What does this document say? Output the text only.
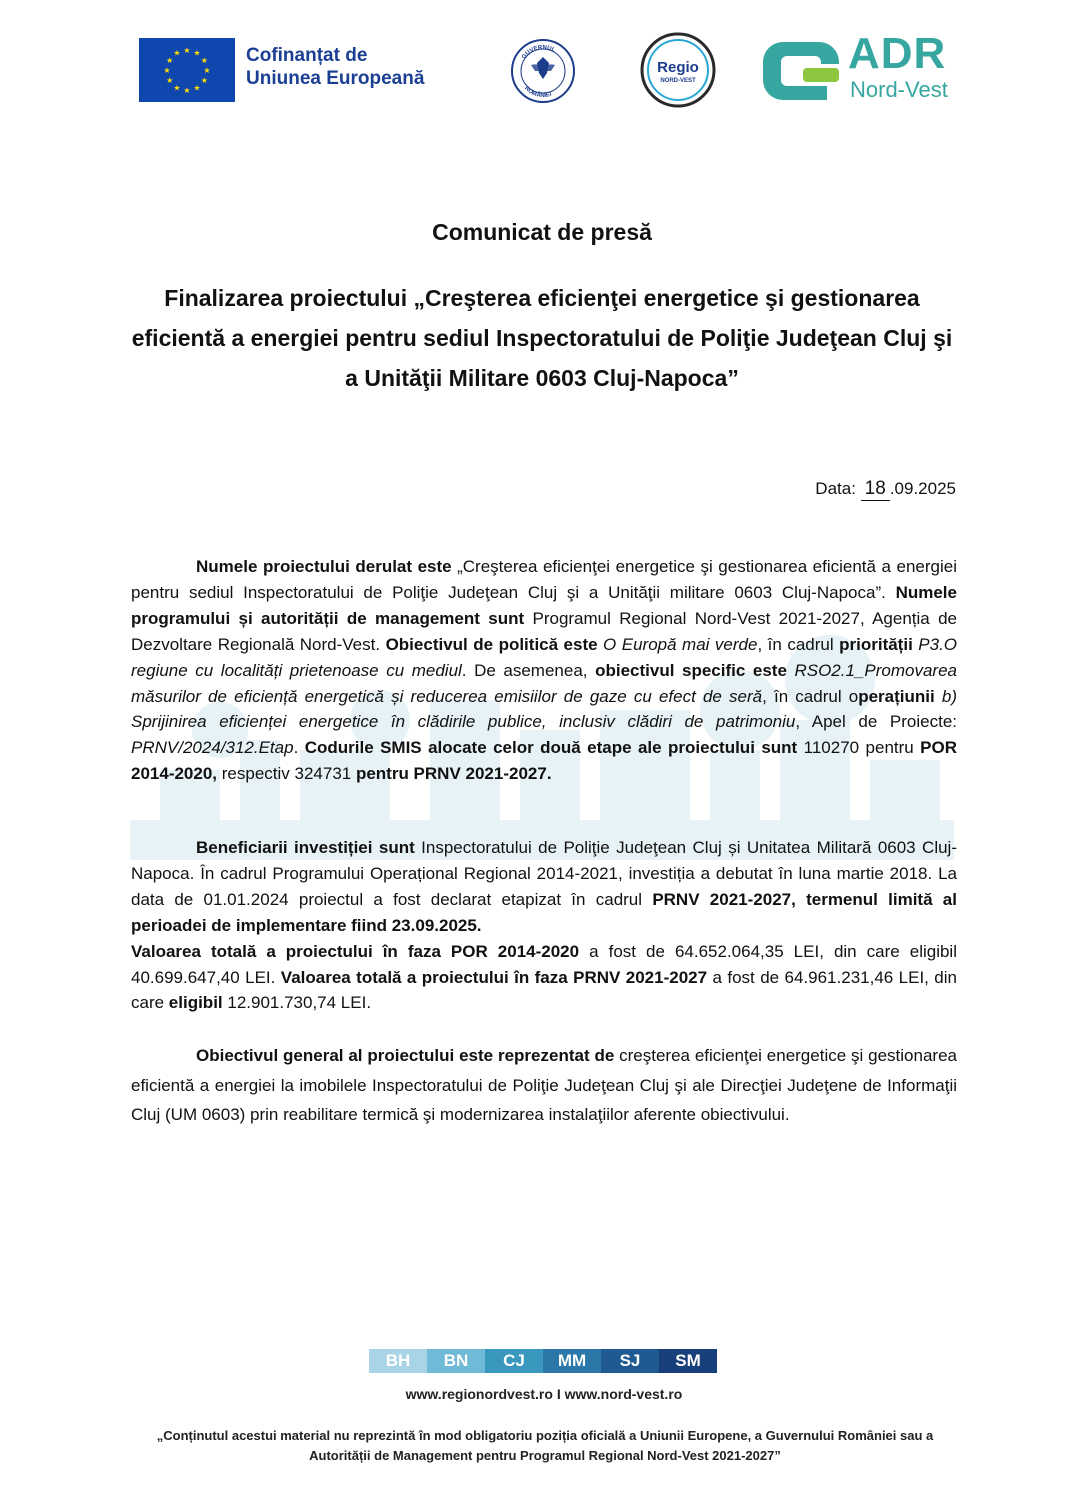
★ ★
★
★
★
★
★
★
★
★
★
★	Cofinanțat de
Uniunea Europeană
GUVERNUL
ROMÂNIEI
Regio
NORD-VEST
ADR
Nord-Vest
Comunicat de presă
Finalizarea proiectului „Creşterea eficienţei energetice şi gestionarea eficientă a energiei pentru sediul Inspectoratului de Poliţie Judeţean Cluj şi a Unităţii Militare 0603 Cluj-Napoca”
Data: 18 .09.2025
Numele proiectului derulat este „Creşterea eficienţei energetice şi gestionarea eficientă a energiei pentru sediul Inspectoratului de Poliţie Judeţean Cluj şi a Unităţii militare 0603 Cluj-Napoca”. Numele programului și autorității de management sunt Programul Regional Nord-Vest 2021-2027, Agenția de Dezvoltare Regională Nord-Vest. Obiectivul de politică este O Europă mai verde, în cadrul priorității P3.O regiune cu localități prietenoase cu mediul. De asemenea, obiectivul specific este RSO2.1_Promovarea măsurilor de eficiență energetică și reducerea emisiilor de gaze cu efect de seră, în cadrul operațiunii b) Sprijinirea eficienței energetice în clădirile publice, inclusiv clădiri de patrimoniu, Apel de Proiecte: PRNV/2024/312.Etap. Codurile SMIS alocate celor două etape ale proiectului sunt 110270 pentru POR 2014-2020, respectiv 324731 pentru PRNV 2021-2027.
Beneficiarii investiției sunt Inspectoratului de Poliţie Judeţean Cluj și Unitatea Militară 0603 Cluj-Napoca. În cadrul Programului Operațional Regional 2014-2021, investiția a debutat în luna martie 2018. La data de 01.01.2024 proiectul a fost declarat etapizat în cadrul PRNV 2021-2027, termenul limită al perioadei de implementare fiind 23.09.2025.
Valoarea totală a proiectului în faza POR 2014-2020 a fost de 64.652.064,35 LEI, din care eligibil 40.699.647,40 LEI. Valoarea totală a proiectului în faza PRNV 2021-2027 a fost de 64.961.231,46 LEI, din care eligibil 12.901.730,74 LEI.
Obiectivul general al proiectului este reprezentat de creşterea eficienţei energetice şi gestionarea eficientă a energiei la imobilele Inspectoratului de Poliţie Judeţean Cluj şi ale Direcţiei Judeţene de Informaţii Cluj (UM 0603) prin reabilitare termică şi modernizarea instalaţiilor aferente obiectivului.
BH	BN	CJ	MM	SJ	SM
www.regionordvest.ro I www.nord-vest.ro
„Conținutul acestui material nu reprezintă în mod obligatoriu poziția oficială a Uniunii Europene, a Guvernului României sau a Autorității de Management pentru Programul Regional Nord-Vest 2021-2027”
